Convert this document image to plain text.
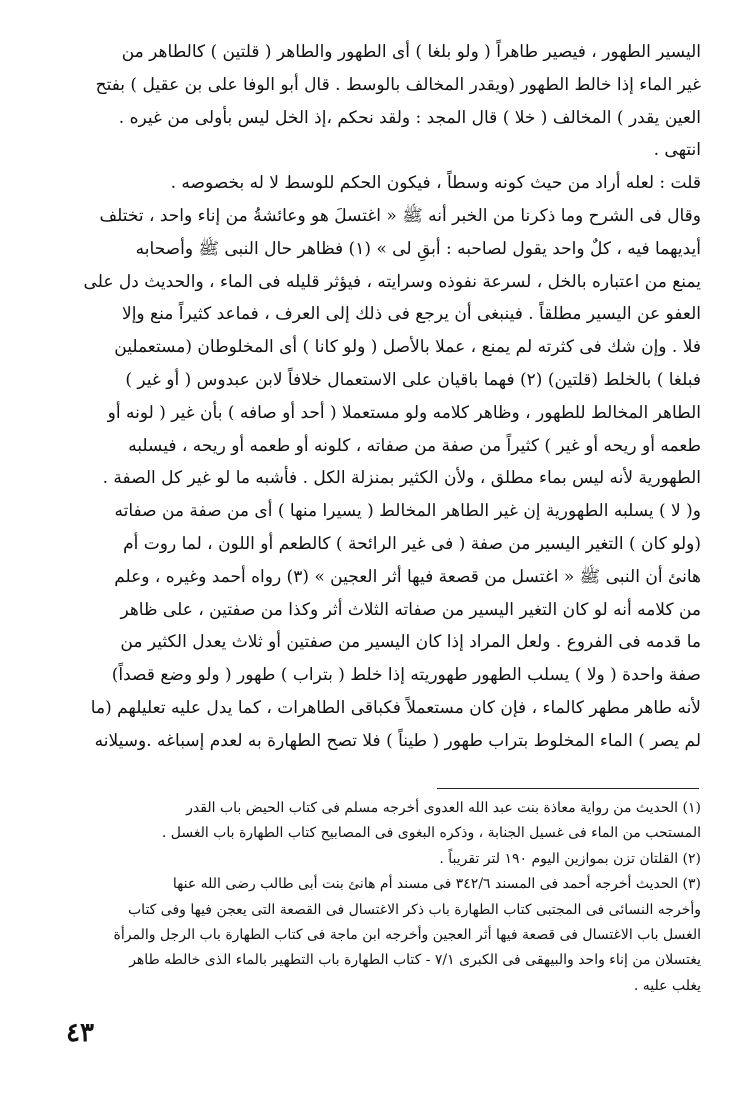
اليسير الطهور ، فيصير طاهراً ( ولو بلغا ) أى الطهور والطاهر ( قلتين ) كالطاهر من
غير الماء إذا خالط الطهور (ويقدر المخالف بالوسط . قال أبو الوفا على بن عقيل ) بفتح
العين يقدر ) المخالف ( خلا ) قال المجد : ولقد نحكم ،إذ الخل ليس بأولى من غيره .
انتهى .
قلت : لعله أراد من حيث كونه وسطاً ، فيكون الحكم للوسط لا له بخصوصه .
وقال فى الشرح وما ذكرنا من الخبر أنه ﷺ « اغتسلَ هو وعائشةُ من إناء واحد ، تختلف
أيديهما فيه ، كلٌ واحد يقول لصاحبه : أبقِ لى » (١) فظاهر حال النبى ﷺ وأصحابه
يمنع من اعتباره بالخل ، لسرعة نفوذه وسرايته ، فيؤثر قليله فى الماء ، والحديث دل على
العفو عن اليسير مطلقاً . فينبغى أن يرجع فى ذلك إلى العرف ، فماعد كثيراً منع وإلا
فلا . وإن شك فى كثرته لم يمنع ، عملا بالأصل ( ولو كانا ) أى المخلوطان (مستعملين
فبلغا ) بالخلط (قلتين) (٢) فهما باقيان على الاستعمال خلافاً لابن عبدوس ( أو غير )
الطاهر المخالط للطهور ، وظاهر كلامه ولو مستعملا ( أحد أو صافه ) بأن غير ( لونه أو
طعمه أو ريحه أو غير ) كثيراً من صفة من صفاته ، كلونه أو طعمه أو ريحه ، فيسلبه
الطهورية لأنه ليس بماء مطلق ، ولأن الكثير بمنزلة الكل . فأشبه ما لو غير كل الصفة .
و( لا ) يسلبه الطهورية إن غير الطاهر المخالط ( يسيرا منها ) أى من صفة من صفاته
(ولو كان ) التغير اليسير من صفة ( فى غير الرائحة ) كالطعم أو اللون ، لما روت أم
هانئ أن النبى ﷺ « اغتسل من قصعة فيها أثر العجين » (٣) رواه أحمد وغيره ، وعلم
من كلامه أنه لو كان التغير اليسير من صفاته الثلاث أثر وكذا من صفتين ، على ظاهر
ما قدمه فى الفروع . ولعل المراد إذا كان اليسير من صفتين أو ثلاث يعدل الكثير من
صفة واحدة ( ولا ) يسلب الطهور طهوريته إذا خلط ( بتراب ) طهور ( ولو وضع قصداً)
لأنه طاهر مطهر كالماء ، فإن كان مستعملاً فكباقى الطاهرات ، كما يدل عليه تعليلهم (ما
لم يصر ) الماء المخلوط بتراب طهور ( طيناً ) فلا تصح الطهارة به لعدم إسباغه .وسيلانه
(١) الحديث من رواية معاذة بنت عبد الله العدوى أخرجه مسلم فى كتاب الحيض باب القدر
المستحب من الماء فى غسيل الجنابة ، وذكره البغوى فى المصابيح كتاب الطهارة باب الغسل .
(٢) القلتان تزن بموازين اليوم ١٩٠ لتر تقريباً .
(٣) الحديث أخرجه أحمد فى المسند ٣٤٢/٦ فى مسند أم هانئ بنت أبى طالب رضى الله عنها
وأخرجه النسائى فى المجتبى كتاب الطهارة باب ذكر الاغتسال فى القصعة التى يعجن فيها وفى كتاب
الغسل باب الاغتسال فى قصعة فيها أثر العجين وأخرجه ابن ماجة فى كتاب الطهارة باب الرجل والمرأة
يغتسلان من إناء واحد والبيهقى فى الكبرى ٧/١ - كتاب الطهارة باب التطهير بالماء الذى خالطه طاهر
يغلب عليه .
٤٣
